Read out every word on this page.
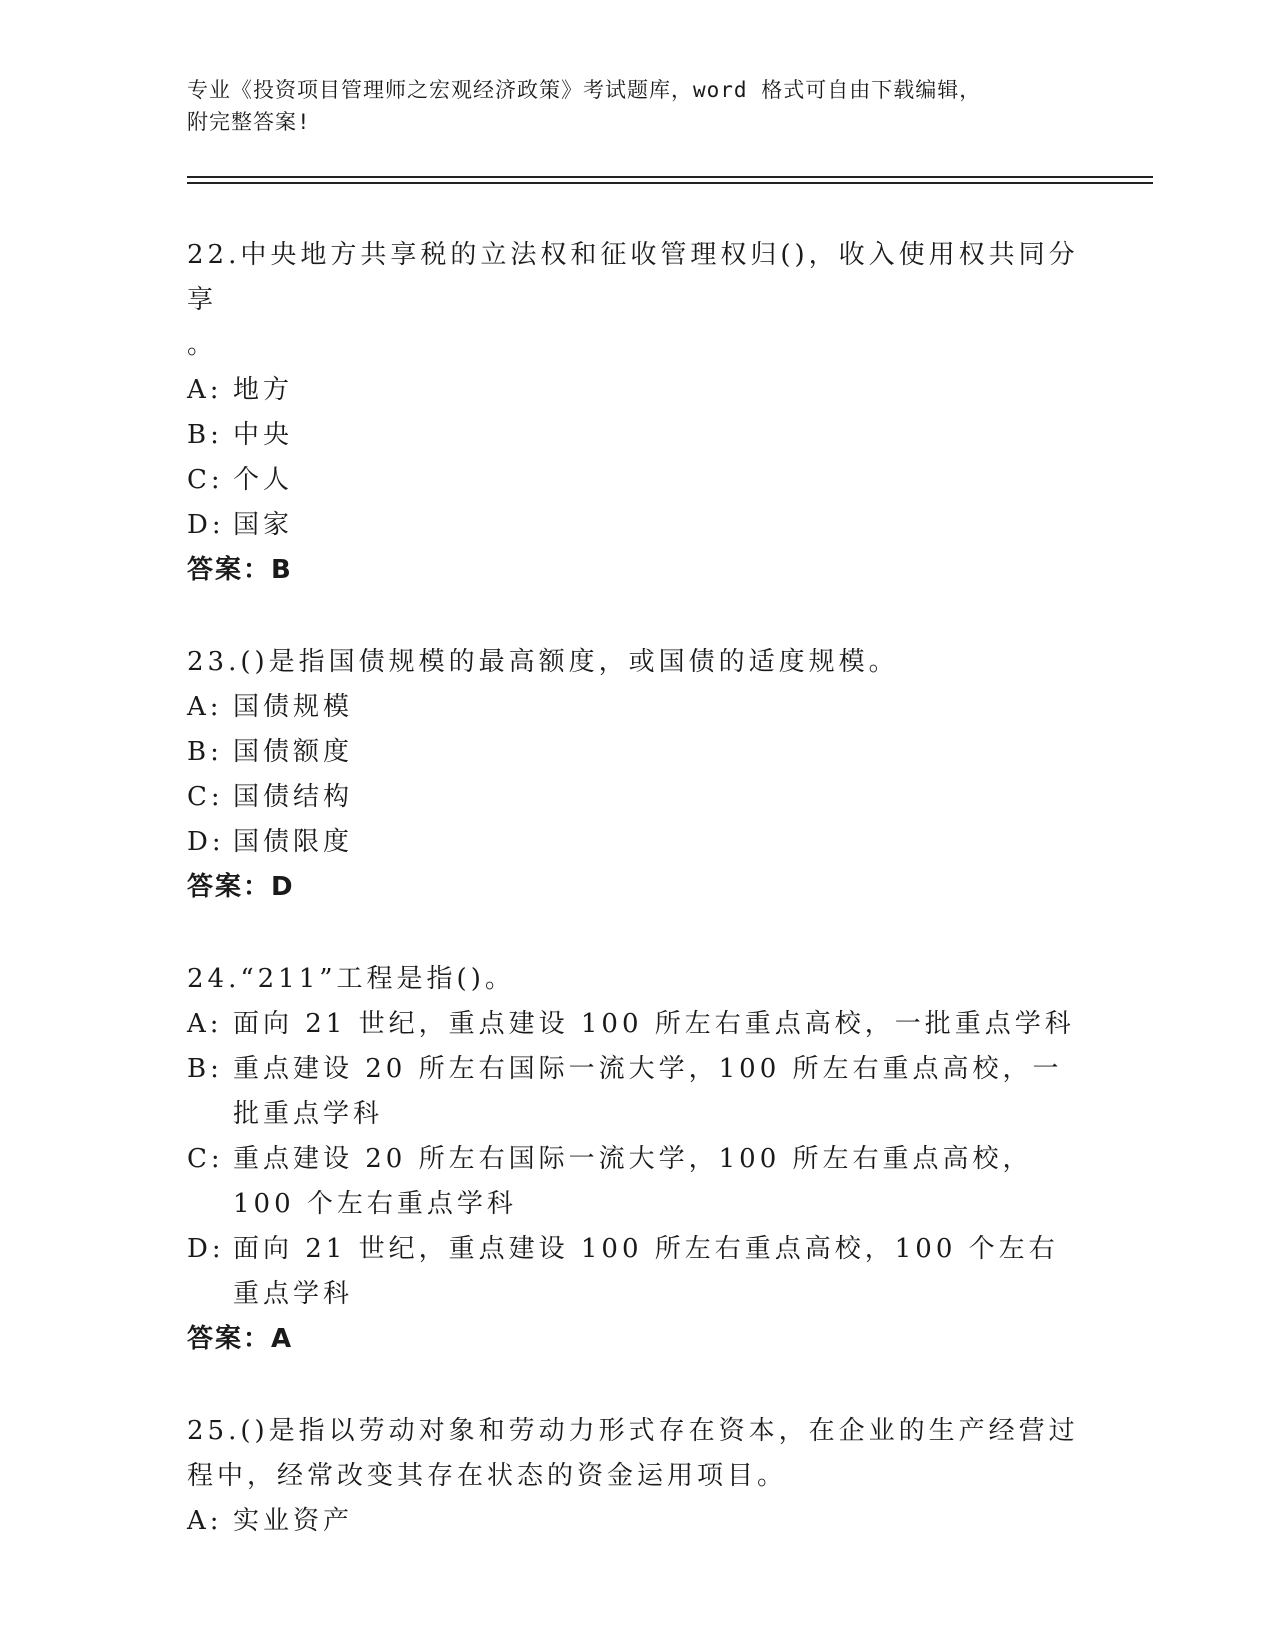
专业《投资项目管理师之宏观经济政策》考试题库，word 格式可自由下载编辑，
附完整答案!
22.中央地方共享税的立法权和征收管理权归()，收入使用权共同分享
。
A: 地方
B: 中央
C: 个人
D: 国家
答案：B
23.()是指国债规模的最高额度，或国债的适度规模。
A: 国债规模
B: 国债额度
C: 国债结构
D: 国债限度
答案：D
24.“211”工程是指()。
A: 面向 21 世纪，重点建设 100 所左右重点高校，一批重点学科
B: 重点建设 20 所左右国际一流大学，100 所左右重点高校，一批重点学科
C: 重点建设 20 所左右国际一流大学，100 所左右重点高校，100 个左右重点学科
D: 面向 21 世纪，重点建设 100 所左右重点高校，100 个左右重点学科
答案：A
25.()是指以劳动对象和劳动力形式存在资本，在企业的生产经营过程中，经常改变其存在状态的资金运用项目。
A: 实业资产
